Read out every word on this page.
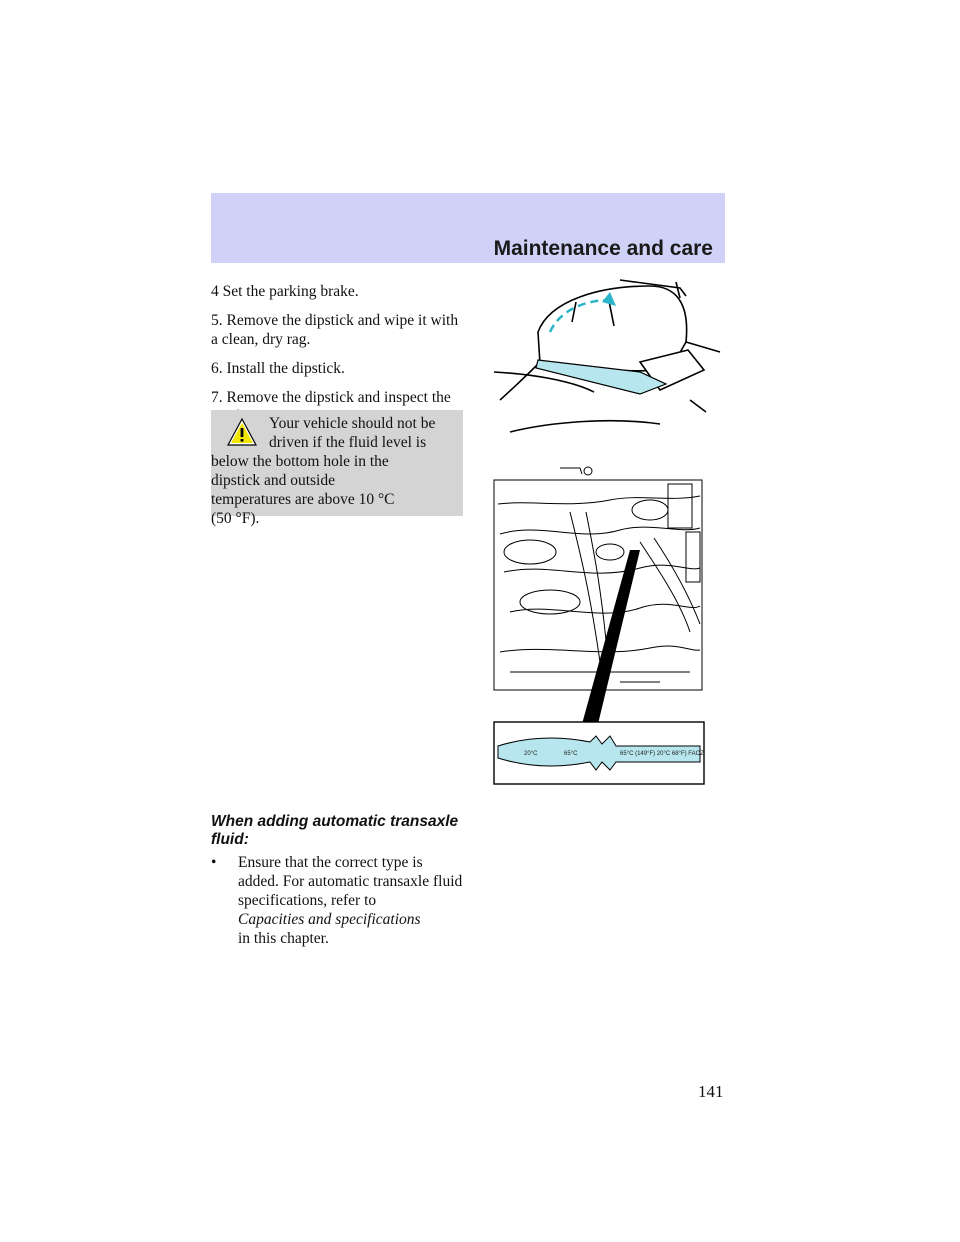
Maintenance and care

4 Set the parking brake.

5. Remove the dipstick and wipe it with a clean, dry rag.

6. Install the dipstick.

7. Remove the dipstick and inspect the

Your vehicle should not be
driven if the fluid level is
below the bottom hole in the
dipstick and outside
temperatures are above 10 °C
(50 °F).
When adding automatic transaxle fluid:
• Ensure that the correct type is added. For automatic transaxle fluid specifications, refer to
Capacities and specifications
in this chapter.
20°C	65°C	65°C (149°F) 20°C 68°F) FAOZ
141
